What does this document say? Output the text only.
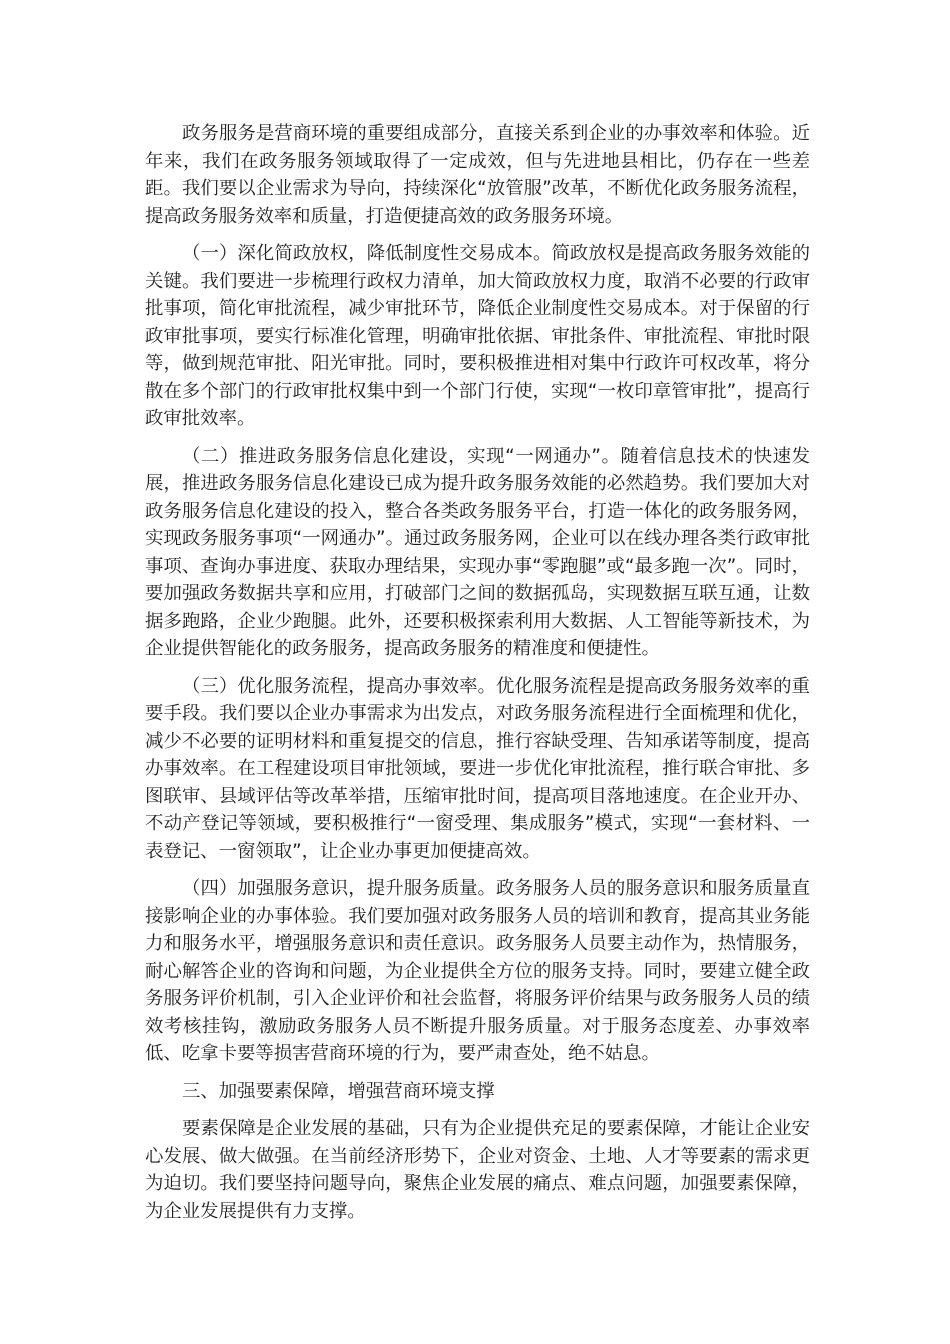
政务服务是营商环境的重要组成部分，直接关系到企业的办事效率和体验。近年来，我们在政务服务领域取得了一定成效，但与先进地县相比，仍存在一些差距。我们要以企业需求为导向，持续深化“放管服”改革，不断优化政务服务流程，提高政务服务效率和质量，打造便捷高效的政务服务环境。

（一）深化简政放权，降低制度性交易成本。简政放权是提高政务服务效能的关键。我们要进一步梳理行政权力清单，加大简政放权力度，取消不必要的行政审批事项，简化审批流程，减少审批环节，降低企业制度性交易成本。对于保留的行政审批事项，要实行标准化管理，明确审批依据、审批条件、审批流程、审批时限等，做到规范审批、阳光审批。同时，要积极推进相对集中行政许可权改革，将分散在多个部门的行政审批权集中到一个部门行使，实现“一枚印章管审批”，提高行政审批效率。

（二）推进政务服务信息化建设，实现“一网通办”。随着信息技术的快速发展，推进政务服务信息化建设已成为提升政务服务效能的必然趋势。我们要加大对政务服务信息化建设的投入，整合各类政务服务平台，打造一体化的政务服务网，实现政务服务事项“一网通办”。通过政务服务网，企业可以在线办理各类行政审批事项、查询办事进度、获取办理结果，实现办事“零跑腿”或“最多跑一次”。同时，要加强政务数据共享和应用，打破部门之间的数据孤岛，实现数据互联互通，让数据多跑路，企业少跑腿。此外，还要积极探索利用大数据、人工智能等新技术，为企业提供智能化的政务服务，提高政务服务的精准度和便捷性。

（三）优化服务流程，提高办事效率。优化服务流程是提高政务服务效率的重要手段。我们要以企业办事需求为出发点，对政务服务流程进行全面梳理和优化，减少不必要的证明材料和重复提交的信息，推行容缺受理、告知承诺等制度，提高办事效率。在工程建设项目审批领域，要进一步优化审批流程，推行联合审批、多图联审、县域评估等改革举措，压缩审批时间，提高项目落地速度。在企业开办、不动产登记等领域，要积极推行“一窗受理、集成服务”模式，实现“一套材料、一表登记、一窗领取”，让企业办事更加便捷高效。

（四）加强服务意识，提升服务质量。政务服务人员的服务意识和服务质量直接影响企业的办事体验。我们要加强对政务服务人员的培训和教育，提高其业务能力和服务水平，增强服务意识和责任意识。政务服务人员要主动作为，热情服务，耐心解答企业的咨询和问题，为企业提供全方位的服务支持。同时，要建立健全政务服务评价机制，引入企业评价和社会监督，将服务评价结果与政务服务人员的绩效考核挂钩，激励政务服务人员不断提升服务质量。对于服务态度差、办事效率低、吃拿卡要等损害营商环境的行为，要严肃查处，绝不姑息。

三、加强要素保障，增强营商环境支撑

要素保障是企业发展的基础，只有为企业提供充足的要素保障，才能让企业安心发展、做大做强。在当前经济形势下，企业对资金、土地、人才等要素的需求更为迫切。我们要坚持问题导向，聚焦企业发展的痛点、难点问题，加强要素保障，为企业发展提供有力支撑。
